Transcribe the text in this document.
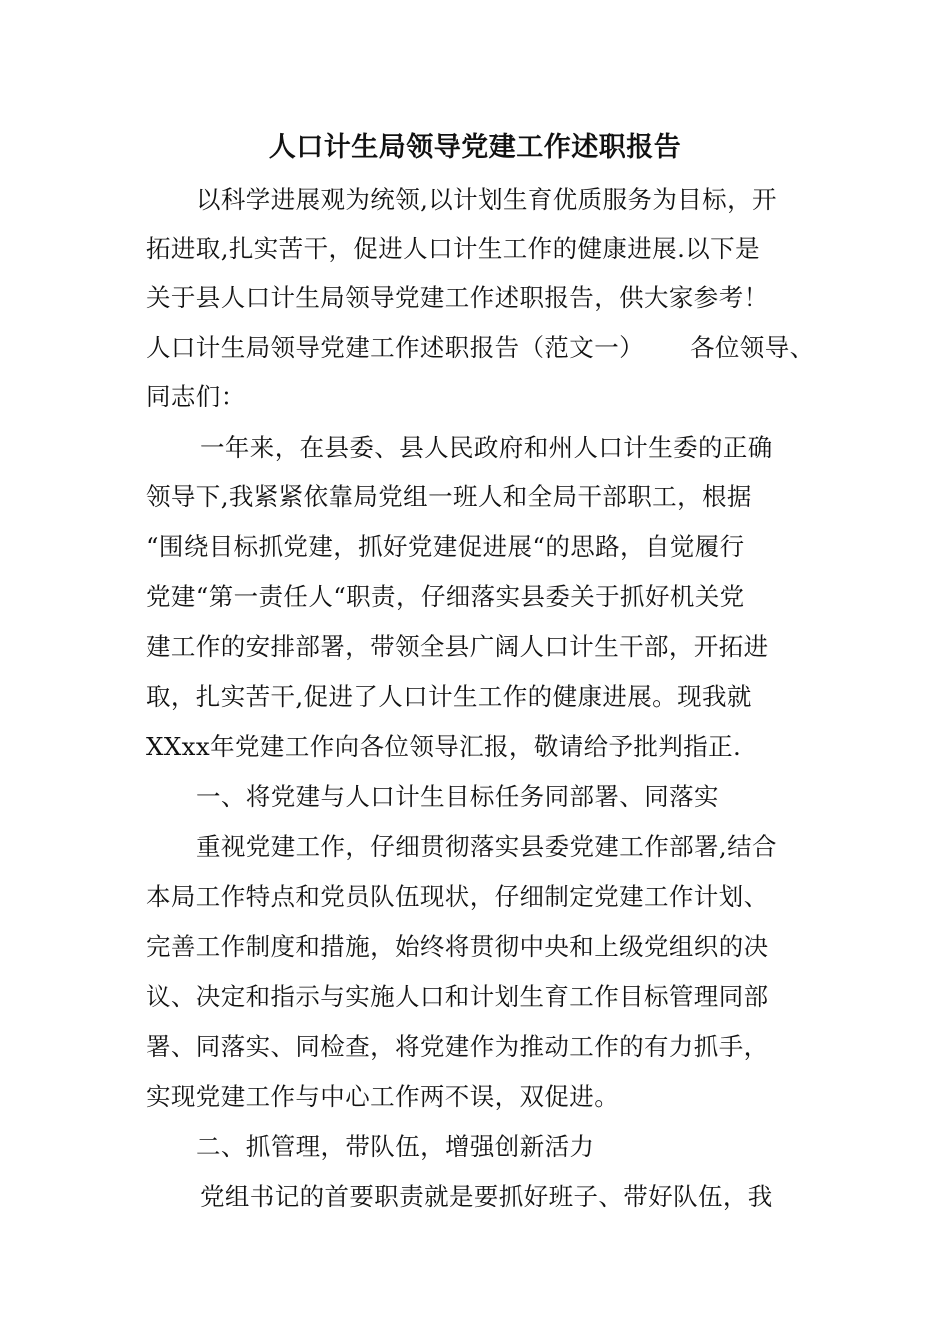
人口计生局领导党建工作述职报告
以科学进展观为统领,以计划生育优质服务为目标，开
拓进取,扎实苦干，促进人口计生工作的健康进展.以下是
关于县人口计生局领导党建工作述职报告，供大家参考！
人口计生局领导党建工作述职报告（范文一） 各位领导、
同志们：
一年来，在县委、县人民政府和州人口计生委的正确
领导下,我紧紧依靠局党组一班人和全局干部职工，根据
“围绕目标抓党建，抓好党建促进展“的思路，自觉履行
党建“第一责任人“职责，仔细落实县委关于抓好机关党
建工作的安排部署，带领全县广阔人口计生干部，开拓进
取，扎实苦干,促进了人口计生工作的健康进展。现我就
XXxx年党建工作向各位领导汇报，敬请给予批判指正.
一、将党建与人口计生目标任务同部署、同落实
重视党建工作，仔细贯彻落实县委党建工作部署,结合
本局工作特点和党员队伍现状，仔细制定党建工作计划、
完善工作制度和措施，始终将贯彻中央和上级党组织的决
议、决定和指示与实施人口和计划生育工作目标管理同部
署、同落实、同检查，将党建作为推动工作的有力抓手，
实现党建工作与中心工作两不误，双促进。
二、抓管理，带队伍，增强创新活力
党组书记的首要职责就是要抓好班子、带好队伍，我
